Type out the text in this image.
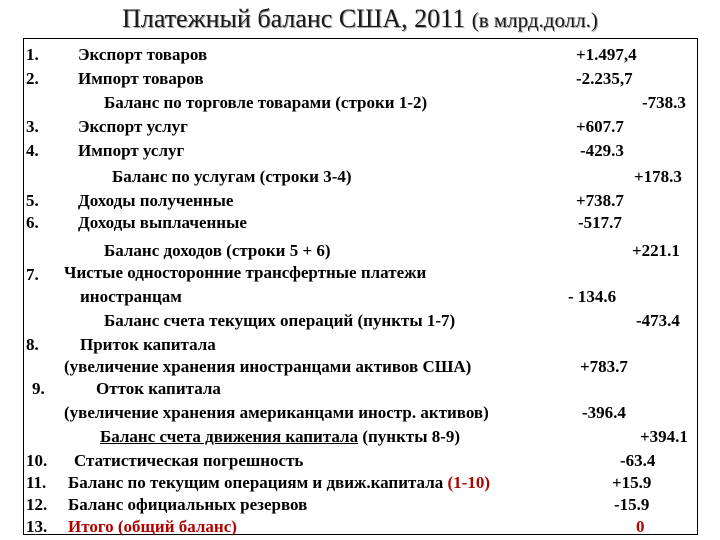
Платежный баланс США, 2011 (в млрд.долл.)
1. Экспорт товаров	+1.497,4
2. Импорт товаров	-2.235,7
Баланс по торговле товарами (строки 1-2)	-738.3
3. Экспорт услуг	+607.7
4. Импорт услуг	-429.3
Баланс по услугам (строки 3-4)	+178.3
5. Доходы полученные	+738.7
6. Доходы выплаченные	-517.7
Баланс доходов (строки 5 + 6)	+221.1
7. Чистые односторонние трансфертные платежи
иностранцам	- 134.6
Баланс счета текущих операций (пункты 1-7)	-473.4
8. Приток капитала
(увеличение хранения иностранцами активов США)	+783.7
9.	Отток капитала
(увеличение хранения американцами иностр. активов)	-396.4
Баланс счета движения капитала (пункты 8-9)	+394.1
10. Статистическая погрешность	-63.4
11. Баланс по текущим операциям и движ.капитала (1-10)	+15.9
12. Баланс официальных резервов	-15.9
13. Итого (общий баланс)	0
